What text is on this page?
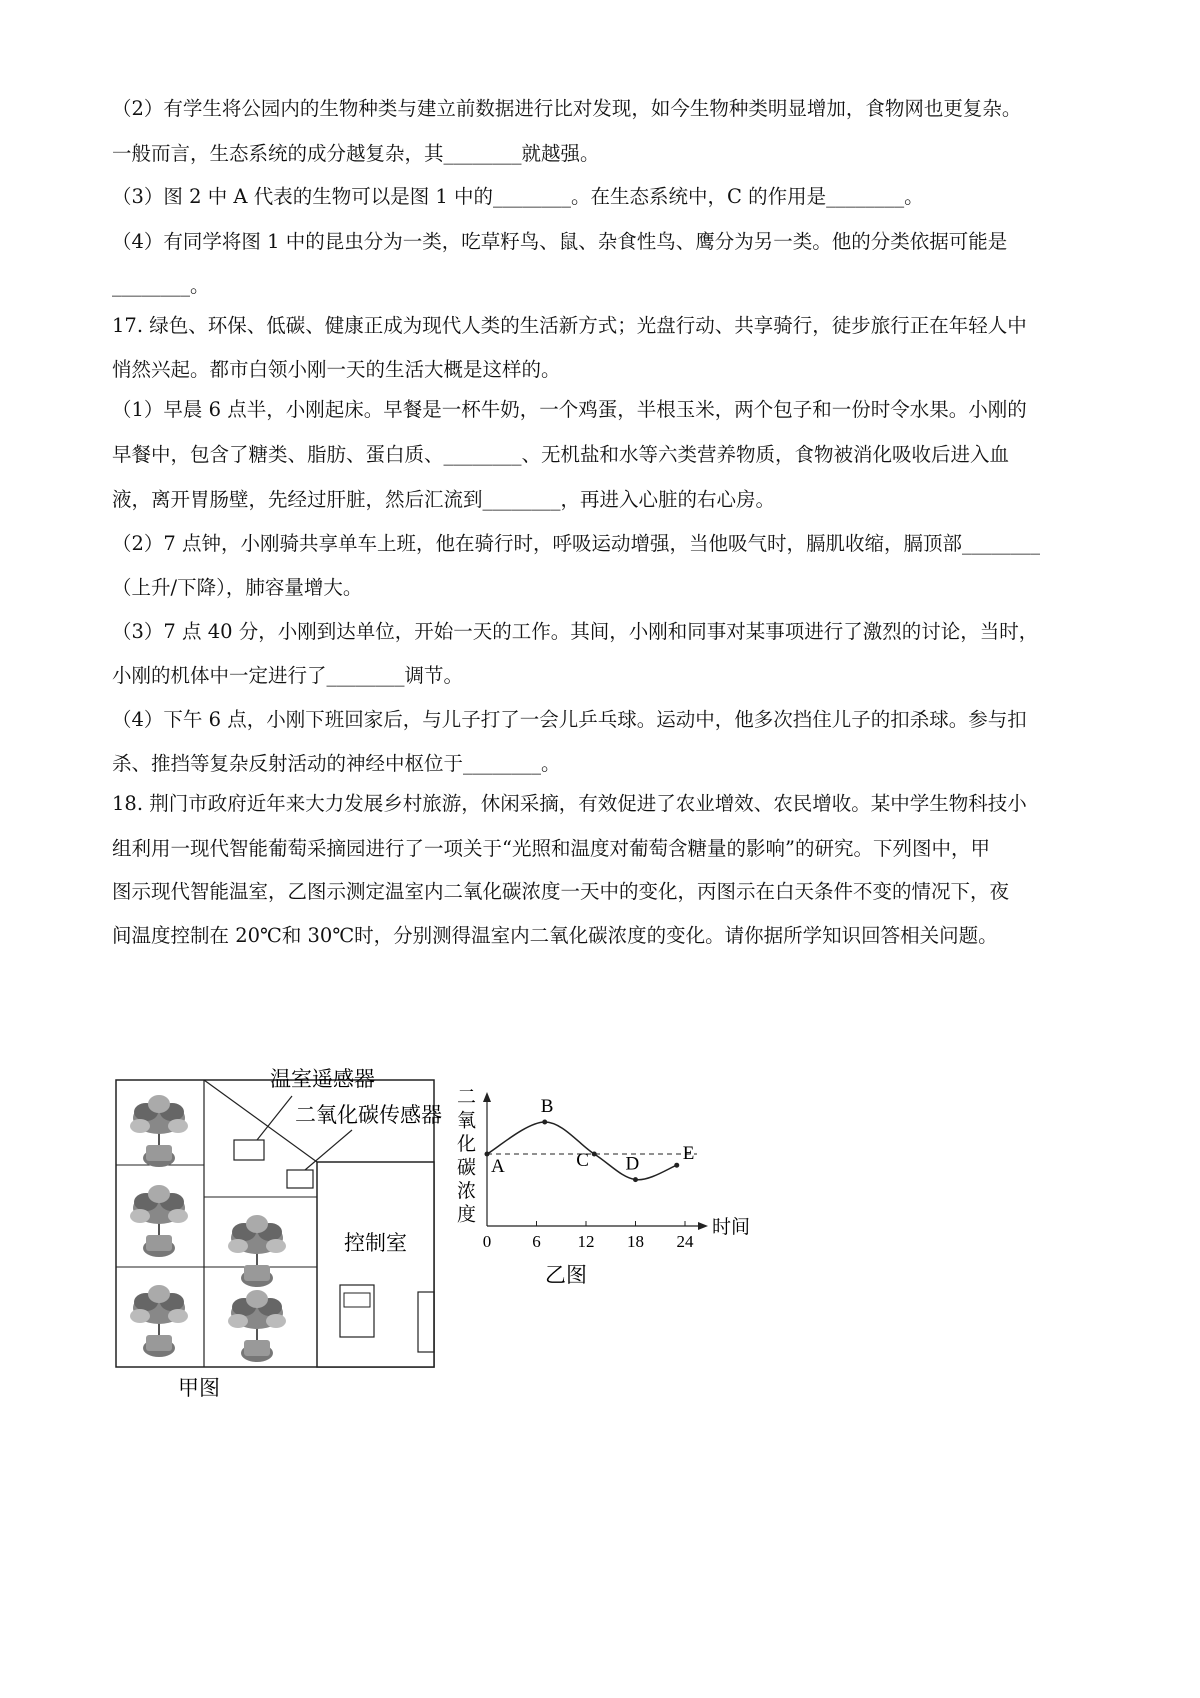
（2）有学生将公园内的生物种类与建立前数据进行比对发现，如今生物种类明显增加，食物网也更复杂。
一般而言，生态系统的成分越复杂，其________就越强。
（3）图 2 中 A 代表的生物可以是图 1 中的________。在生态系统中，C 的作用是________。
（4）有同学将图 1 中的昆虫分为一类，吃草籽鸟、鼠、杂食性鸟、鹰分为另一类。他的分类依据可能是
________。
17. 绿色、环保、低碳、健康正成为现代人类的生活新方式；光盘行动、共享骑行，徒步旅行正在年轻人中
悄然兴起。都市白领小刚一天的生活大概是这样的。
（1）早晨 6 点半，小刚起床。早餐是一杯牛奶，一个鸡蛋，半根玉米，两个包子和一份时令水果。小刚的
早餐中，包含了糖类、脂肪、蛋白质、________、无机盐和水等六类营养物质，食物被消化吸收后进入血
液，离开胃肠壁，先经过肝脏，然后汇流到________，再进入心脏的右心房。
（2）7 点钟，小刚骑共享单车上班，他在骑行时，呼吸运动增强，当他吸气时，膈肌收缩，膈顶部________
（上升/下降），肺容量增大。
（3）7 点 40 分，小刚到达单位，开始一天的工作。其间，小刚和同事对某事项进行了激烈的讨论，当时，
小刚的机体中一定进行了________调节。
（4）下午 6 点，小刚下班回家后，与儿子打了一会儿乒乓球。运动中，他多次挡住儿子的扣杀球。参与扣
杀、推挡等复杂反射活动的神经中枢位于________。
18. 荆门市政府近年来大力发展乡村旅游，休闲采摘，有效促进了农业增效、农民增收。某中学生物科技小
组利用一现代智能葡萄采摘园进行了一项关于“光照和温度对葡萄含糖量的影响”的研究。下列图中，甲
图示现代智能温室，乙图示测定温室内二氧化碳浓度一天中的变化，丙图示在白天条件不变的情况下，夜
间温度控制在 20℃和 30℃时，分别测得温室内二氧化碳浓度的变化。请你据所学知识回答相关问题。
温室遥感器
二氧化碳传感器
控制室
甲图
时间
二
氧
化
碳
浓
度
0 6 12 18 24
A
B
C D E
乙图
